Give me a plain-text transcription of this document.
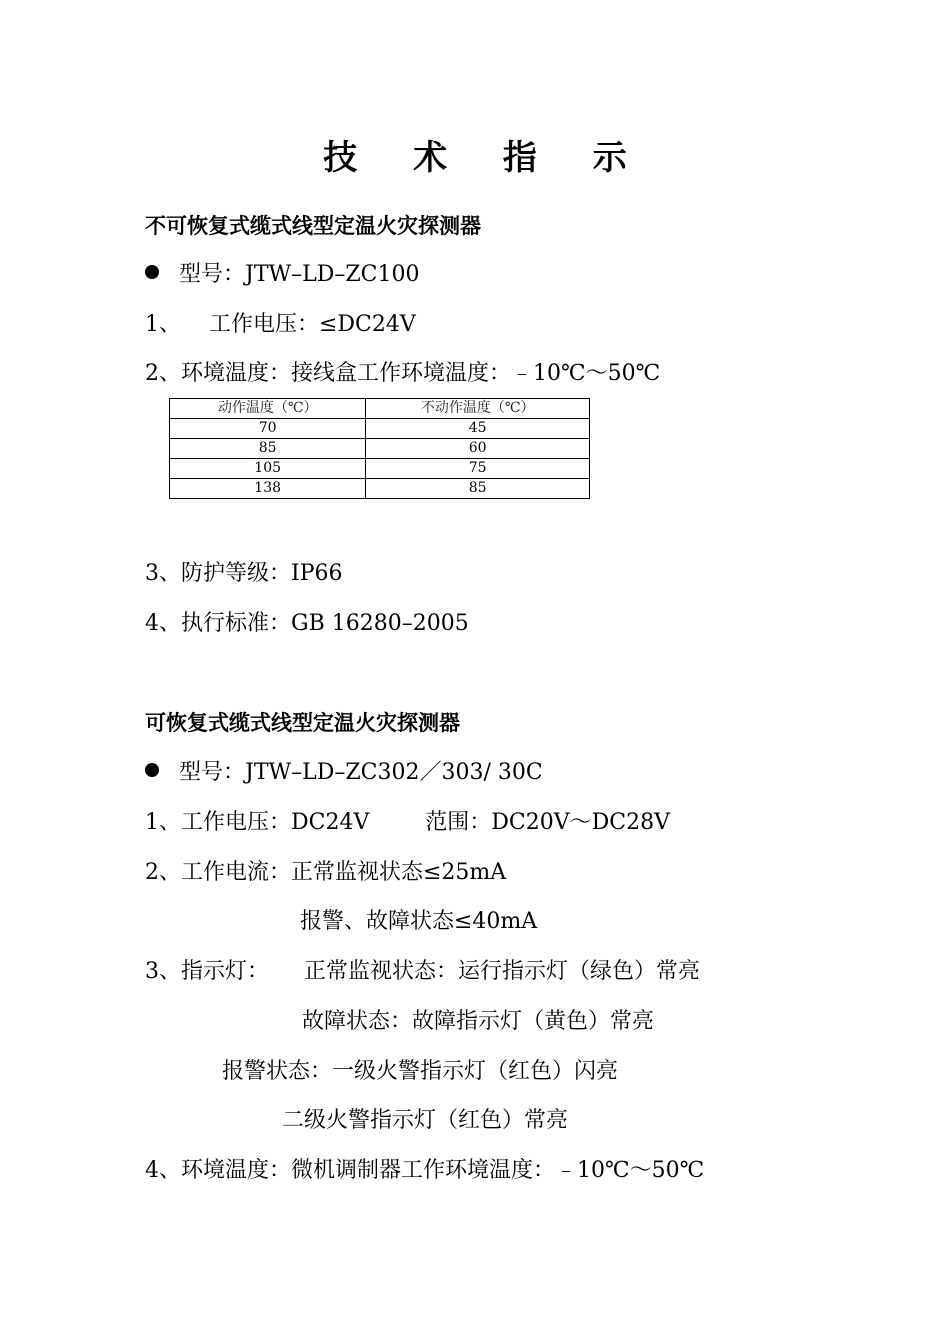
技 术 指 示
不可恢复式缆式线型定温火灾探测器
型号：JTW–LD–ZC100
1、    工作电压：≤DC24V
2、环境温度：接线盒工作环境温度：﹣10℃～50℃
动作温度（℃）	不动作温度（℃）
70	45
85	60
105	75
138	85
3、防护等级：IP66
4、执行标准：GB 16280–2005
可恢复式缆式线型定温火灾探测器
型号：JTW–LD–ZC302／303/ 30C
1、工作电压：DC24V        范围：DC20V～DC28V
2、工作电流：正常监视状态≤25mA
报警、故障状态≤40mA
3、指示灯：     正常监视状态：运行指示灯（绿色）常亮
故障状态：故障指示灯（黄色）常亮
报警状态：一级火警指示灯（红色）闪亮
二级火警指示灯（红色）常亮
4、环境温度：微机调制器工作环境温度：﹣10℃～50℃
